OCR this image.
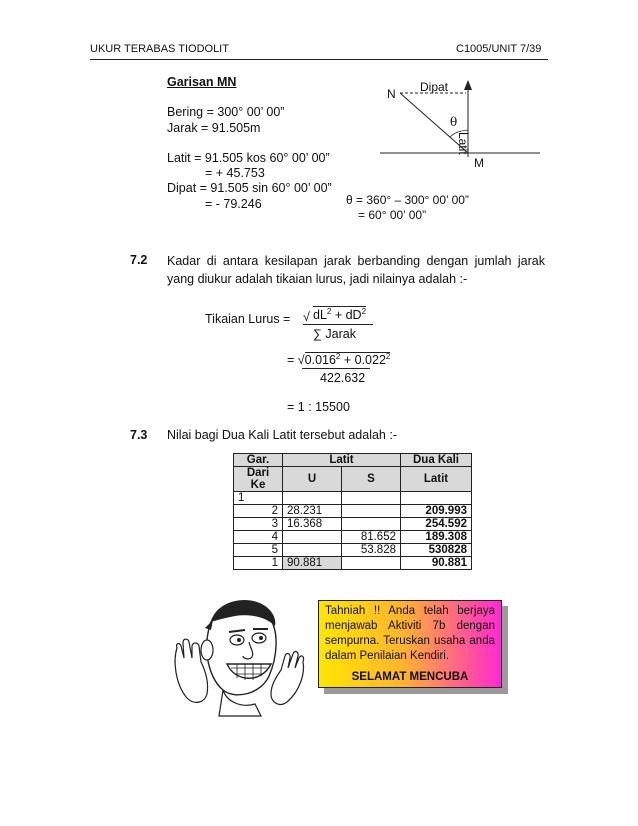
UKUR TERABAS TIODOLIT	C1005/UNIT 7/39
Garisan MN
Bering = 300° 00’ 00”
Jarak = 91.505m
Latit = 91.505 kos 60° 00’ 00”
= + 45.753
Dipat = 91.505 sin 60° 00’ 00”
= - 79.246
N Dipat
θ
Latit
M
θ = 360° – 300° 00’ 00”
= 60° 00’ 00”
7.2 Kadar di antara kesilapan jarak berbanding dengan jumlah jarak yang diukur adalah tikaian lurus, jadi nilainya adalah :-
Tikaian Lurus = $dL^2 + dD^2$
√
∑ Jarak
= $√0.016^2 + 0.022^2$
422.632
= 1 : 15500
7.3 Nilai bagi Dua Kali Latit tersebut adalah :-
Gar.		Latit		Dua Kali
Dari Ke		U	S	Latit
1				
	2	28.231		209.993
	3	16.368		254.592
	4		81.652	189.308
	5		53.828	530828
	1	90.881		90.881
Tahniah !! Anda telah berjaya menjawab Aktiviti 7b dengan sempurna. Teruskan usaha anda dalam Penilaian Kendiri.
SELAMAT MENCUBA
